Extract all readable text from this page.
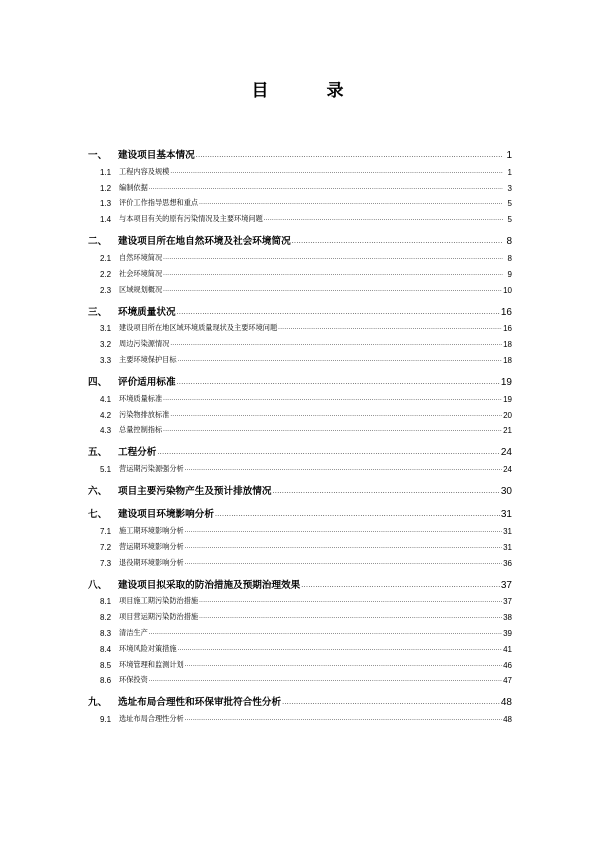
目 录
一、	建设项目基本情况 .....	1
1.1	工程内容及规模 .....	1
1.2	编制依据 .....	3
1.3	评价工作指导思想和重点 .....	5
1.4	与本项目有关的原有污染情况及主要环境问题 .....	5
二、	建设项目所在地自然环境及社会环境简况 .....	8
2.1	自然环境简况 .....	8
2.2	社会环境简况 .....	9
2.3	区域规划概况 .....	10
三、	环境质量状况 .....	16
3.1	建设项目所在地区域环境质量现状及主要环境问题 .....	16
3.2	周边污染源情况 .....	18
3.3	主要环境保护目标 .....	18
四、	评价适用标准 .....	19
4.1	环境质量标准 .....	19
4.2	污染物排放标准 .....	20
4.3	总量控制指标 .....	21
五、	工程分析 .....	24
5.1	营运期污染源强分析 .....	24
六、	项目主要污染物产生及预计排放情况 .....	30
七、	建设项目环境影响分析 .....	31
7.1	施工期环境影响分析 .....	31
7.2	营运期环境影响分析 .....	31
7.3	退役期环境影响分析 .....	36
八、	建设项目拟采取的防治措施及预期治理效果 .....	37
8.1	项目施工期污染防治措施 .....	37
8.2	项目营运期污染防治措施 .....	38
8.3	清洁生产 .....	39
8.4	环境风险对策措施 .....	41
8.5	环境管理和监测计划 .....	46
8.6	环保投资 .....	47
九、	选址布局合理性和环保审批符合性分析 .....	48
9.1	选址布局合理性分析 .....	48
